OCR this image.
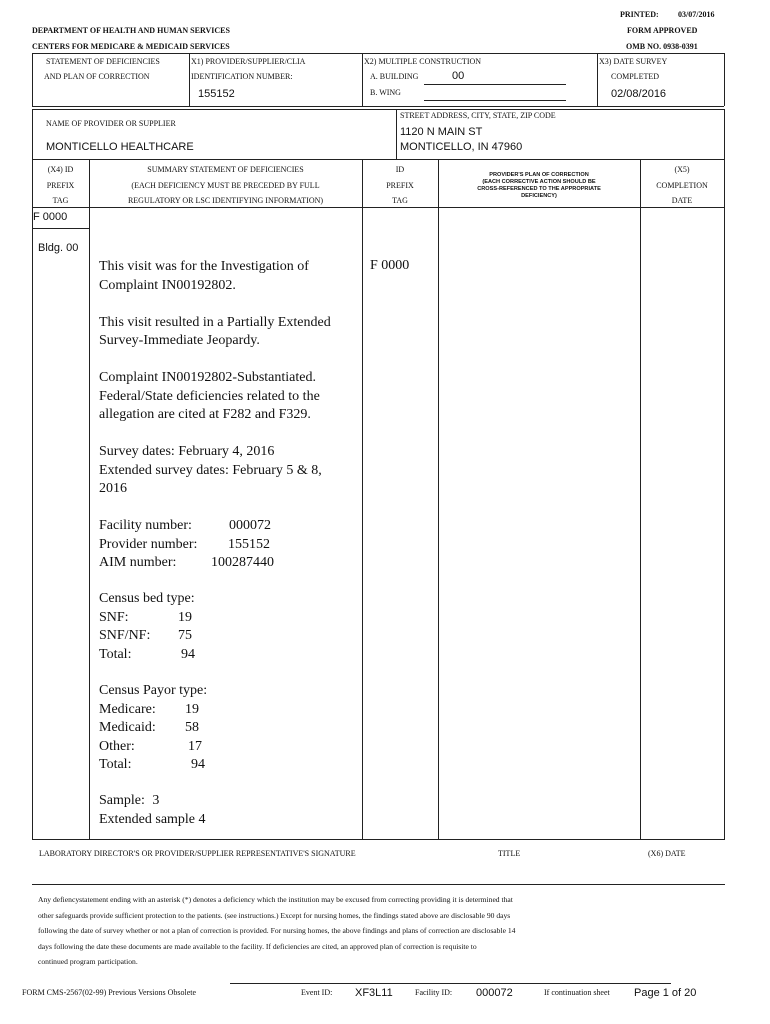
PRINTED: 03/07/2016
DEPARTMENT OF HEALTH AND HUMAN SERVICES	FORM APPROVED
CENTERS FOR MEDICARE & MEDICAID SERVICES	OMB NO. 0938-0391
STATEMENT OF DEFICIENCIES
AND PLAN OF CORRECTION
X1) PROVIDER/SUPPLIER/CLIA
IDENTIFICATION NUMBER:
155152
X2) MULTIPLE CONSTRUCTION
A. BUILDING	00
B. WING
X3) DATE SURVEY
COMPLETED
02/08/2016
NAME OF PROVIDER OR SUPPLIER
MONTICELLO HEALTHCARE
STREET ADDRESS, CITY, STATE, ZIP CODE
1120 N MAIN ST
MONTICELLO, IN 47960
(X4) ID
PREFIX
TAG
SUMMARY STATEMENT OF DEFICIENCIES
(EACH DEFICIENCY MUST BE PRECEDED BY FULL
REGULATORY OR LSC IDENTIFYING INFORMATION)
ID
PREFIX
TAG
PROVIDER'S PLAN OF CORRECTION
(EACH CORRECTIVE ACTION SHOULD BE
CROSS-REFERENCED TO THE APPROPRIATE
DEFICIENCY)
(X5)
COMPLETION
DATE
F 0000
Bldg. 00
F 0000
This visit was for the Investigation of
Complaint IN00192802.
This visit resulted in a Partially Extended
Survey-Immediate Jeopardy.
Complaint IN00192802-Substantiated.
Federal/State deficiencies related to the
allegation are cited at F282 and F329.
Survey dates: February 4, 2016
Extended survey dates: February 5 & 8,
2016
Facility number:	000072
Provider number: 155152
AIM number: 100287440
Census bed type:
SNF:	19
SNF/NF: 75
Total:	94
Census Payor type:
Medicare: 19
Medicaid: 58
Other:	17
Total:	94
Sample: 3
Extended sample 4
LABORATORY DIRECTOR'S OR PROVIDER/SUPPLIER REPRESENTATIVE'S SIGNATURE	TITLE	(X6) DATE
Any defiencystatement ending with an asterisk (*) denotes a deficiency which the institution may be excused from correcting providing it is determined that
other safeguards provide sufficient protection to the patients. (see instructions.) Except for nursing homes, the findings stated above are disclosable 90 days
following the date of survey whether or not a plan of correction is provided. For nursing homes, the above findings and plans of correction are disclosable 14
days following the date these documents are made available to the facility. If deficiencies are cited, an approved plan of correction is requisite to
continued program participation.
FORM CMS-2567(02-99) Previous Versions Obsolete	Event ID: XF3L11	Facility ID: 000072	If continuation sheet Page 1 of 20
